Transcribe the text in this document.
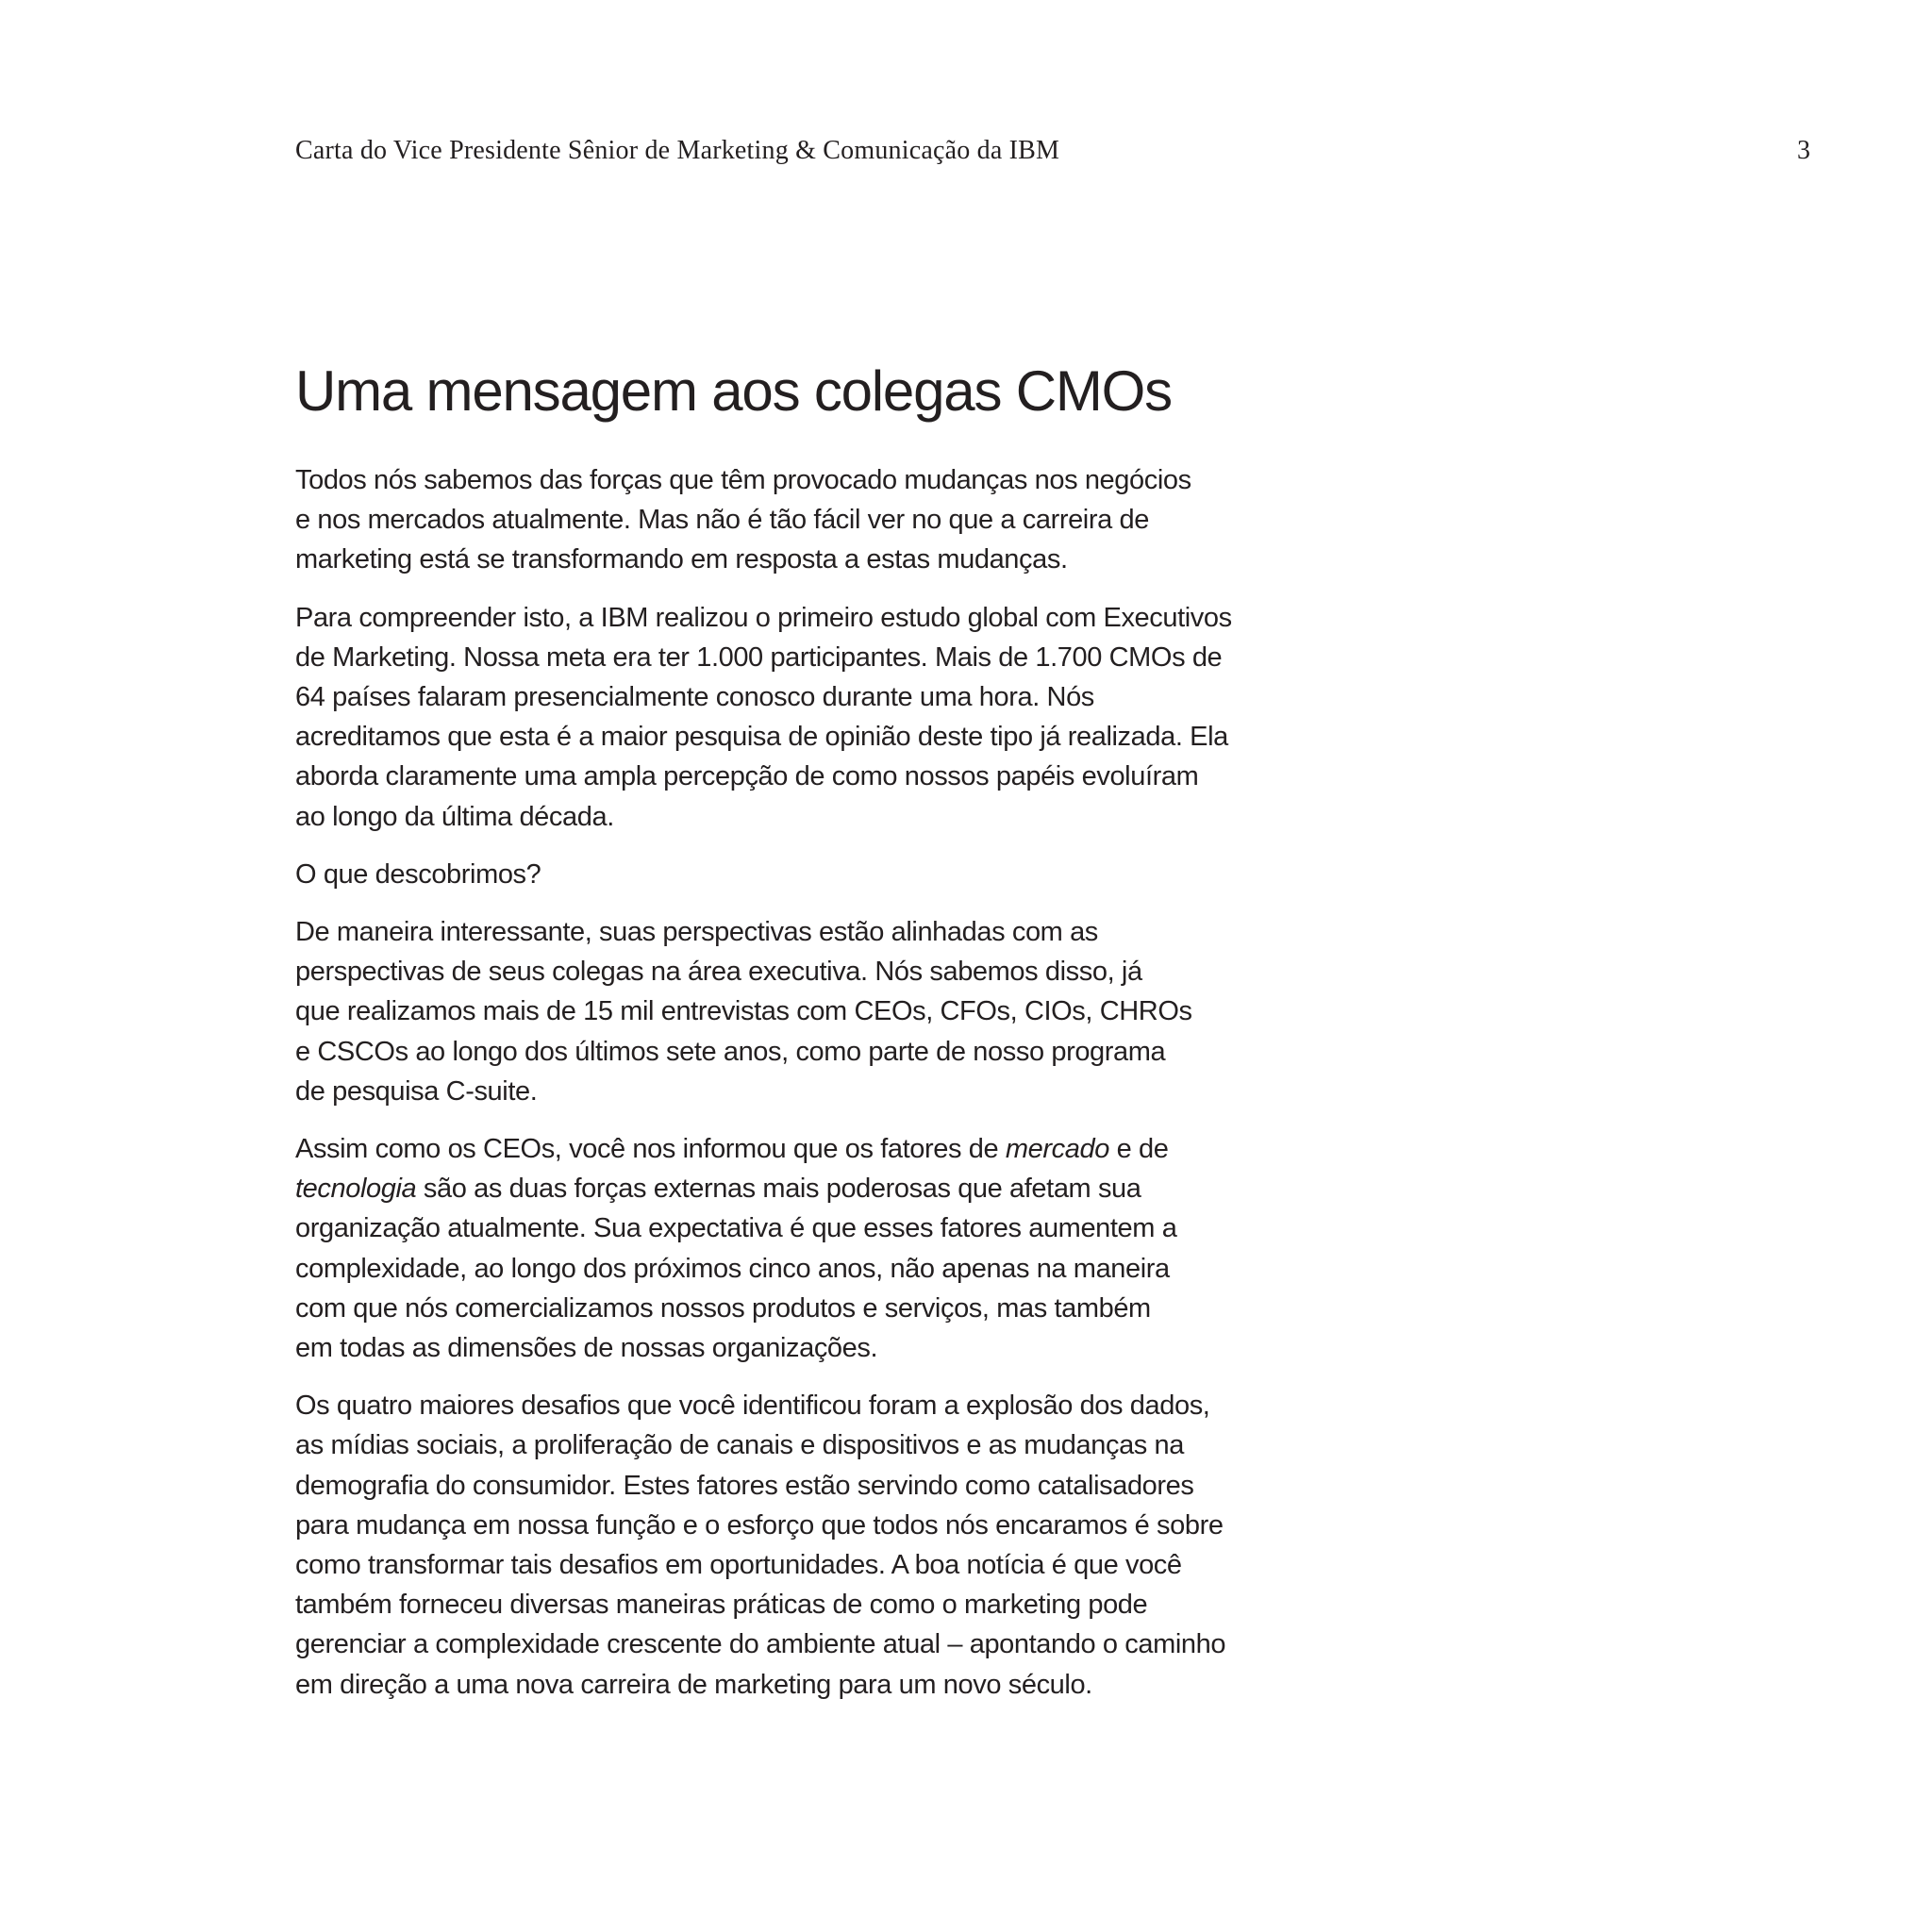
Carta do Vice Presidente Sênior de Marketing & Comunicação da IBM	3
Uma mensagem aos colegas CMOs

Todos nós sabemos das forças que têm provocado mudanças nos negócios
e nos mercados atualmente. Mas não é tão fácil ver no que a carreira de
marketing está se transformando em resposta a estas mudanças.

Para compreender isto, a IBM realizou o primeiro estudo global com Executivos
de Marketing. Nossa meta era ter 1.000 participantes. Mais de 1.700 CMOs de
64 países falaram presencialmente conosco durante uma hora. Nós
acreditamos que esta é a maior pesquisa de opinião deste tipo já realizada. Ela
aborda claramente uma ampla percepção de como nossos papéis evoluíram
ao longo da última década.

O que descobrimos?

De maneira interessante, suas perspectivas estão alinhadas com as
perspectivas de seus colegas na área executiva. Nós sabemos disso, já
que realizamos mais de 15 mil entrevistas com CEOs, CFOs, CIOs, CHROs
e CSCOs ao longo dos últimos sete anos, como parte de nosso programa
de pesquisa C-suite.

Assim como os CEOs, você nos informou que os fatores de mercado e de
tecnologia são as duas forças externas mais poderosas que afetam sua
organização atualmente. Sua expectativa é que esses fatores aumentem a
complexidade, ao longo dos próximos cinco anos, não apenas na maneira
com que nós comercializamos nossos produtos e serviços, mas também
em todas as dimensões de nossas organizações.

Os quatro maiores desafios que você identificou foram a explosão dos dados,
as mídias sociais, a proliferação de canais e dispositivos e as mudanças na
demografia do consumidor. Estes fatores estão servindo como catalisadores
para mudança em nossa função e o esforço que todos nós encaramos é sobre
como transformar tais desafios em oportunidades. A boa notícia é que você
também forneceu diversas maneiras práticas de como o marketing pode
gerenciar a complexidade crescente do ambiente atual – apontando o caminho
em direção a uma nova carreira de marketing para um novo século.
